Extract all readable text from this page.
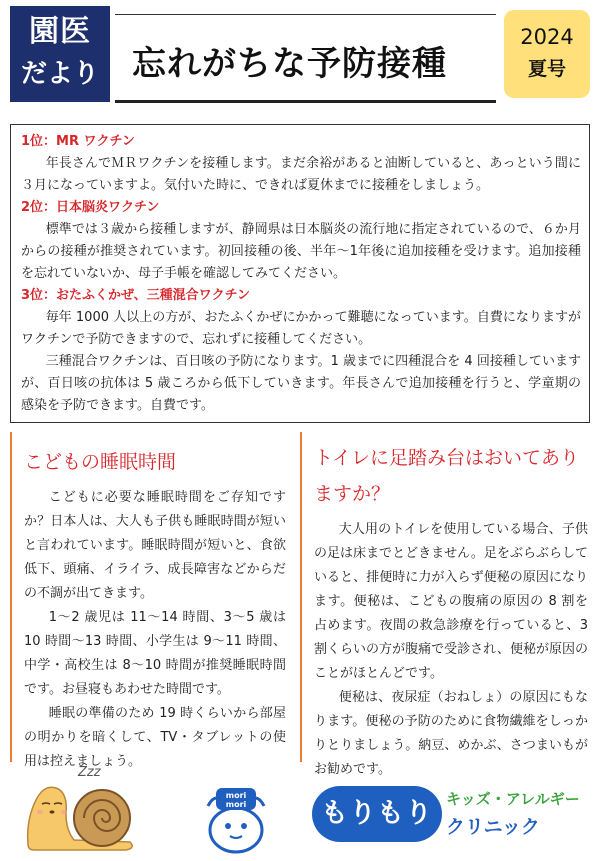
園医
だより 忘れがちな予防接種
2024
夏号
1位：MR ワクチン
年長さんでＭＲワクチンを接種します。まだ余裕があると油断していると、あっという間に３月になっていますよ。気付いた時に、できれば夏休までに接種をしましょう。
2位：日本脳炎ワクチン
標準では３歳から接種しますが、静岡県は日本脳炎の流行地に指定されているので、６か月からの接種が推奨されています。初回接種の後、半年〜1年後に追加接種を受けます。追加接種を忘れていないか、母子手帳を確認してみてください。
3位：おたふくかぜ、三種混合ワクチン
毎年 1000 人以上の方が、おたふくかぜにかかって難聴になっています。自費になりますがワクチンで予防できますので、忘れずに接種してください。
三種混合ワクチンは、百日咳の予防になります。1 歳までに四種混合を 4 回接種していますが、百日咳の抗体は 5 歳ころから低下していきます。年長さんで追加接種を行うと、学童期の感染を予防できます。自費です。
こどもの睡眠時間
こどもに必要な睡眠時間をご存知ですか？日本人は、大人も子供も睡眠時間が短いと言われています。睡眠時間が短いと、食欲低下、頭痛、イライラ、成長障害などからだの不調が出てきます。
1〜2 歳児は 11〜14 時間、3〜5 歳は 10 時間〜13 時間、小学生は 9〜11 時間、中学・高校生は 8〜10 時間が推奨睡眠時間です。お昼寝もあわせた時間です。
睡眠の準備のため 19 時くらいから部屋の明かりを暗くして、TV・タブレットの使用は控えましょう。
トイレに足踏み台はおいてありますか？
大人用のトイレを使用している場合、子供の足は床までとどきません。足をぶらぶらしていると、排便時に力が入らず便秘の原因になります。便秘は、こどもの腹痛の原因の 8 割を占めます。夜間の救急診療を行っていると、3 割くらいの方が腹痛で受診され、便秘が原因のことがほとんどです。
便秘は、夜尿症（おねしょ）の原因にもなります。便秘の予防のために食物繊維をしっかりとりましょう。納豆、めかぶ、さつまいもがお勧めです。
Zzz
mori
mori	もりもり キッズ・アレルギー
クリニック
